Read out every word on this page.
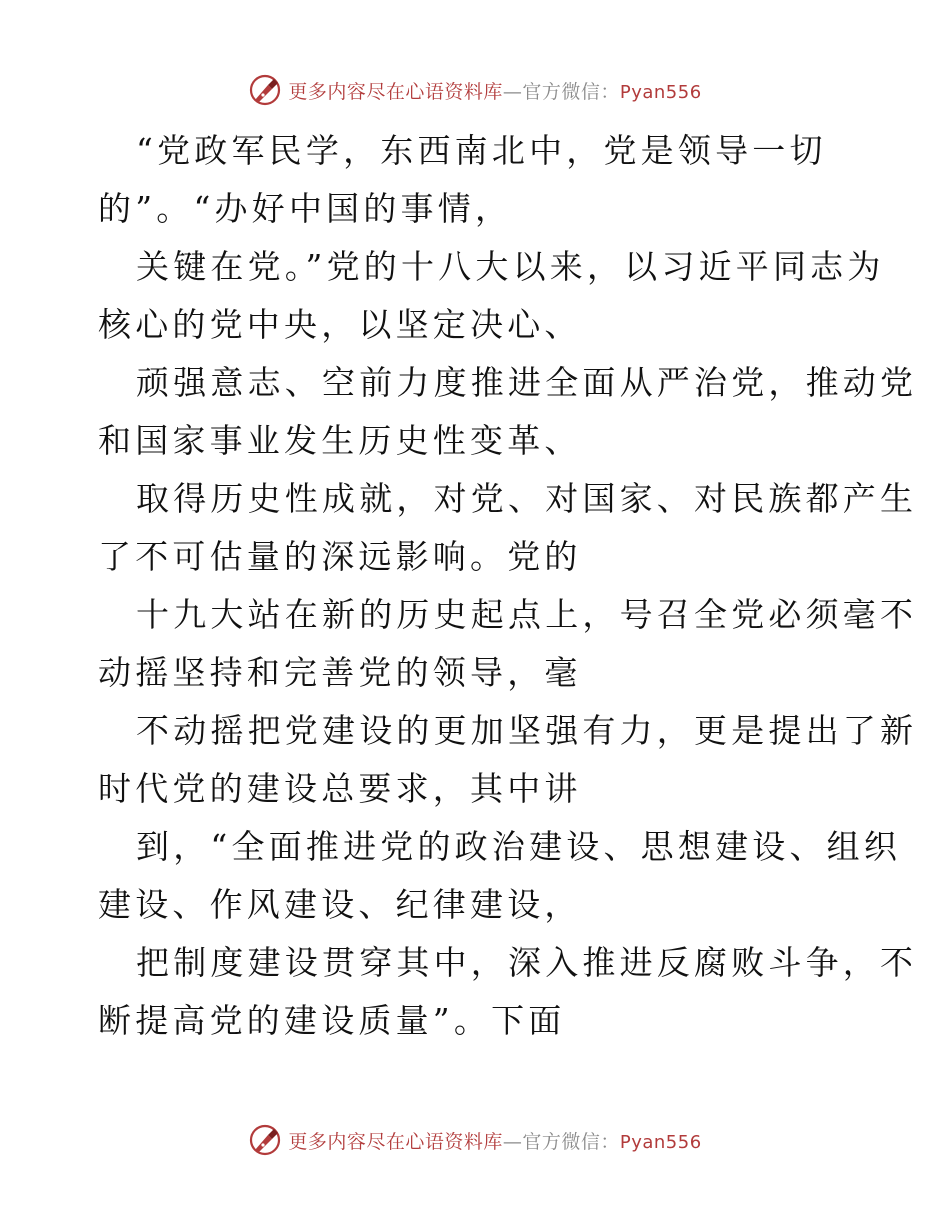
更多内容尽在心语资料库—官方微信：Pyan556
“党政军民学，东西南北中，党是领导一切
的”。“办好中国的事情，
关键在党。”党的十八大以来，以习近平同志为
核心的党中央，以坚定决心、
顽强意志、空前力度推进全面从严治党，推动党
和国家事业发生历史性变革、
取得历史性成就，对党、对国家、对民族都产生
了不可估量的深远影响。党的
十九大站在新的历史起点上，号召全党必须毫不
动摇坚持和完善党的领导，毫
不动摇把党建设的更加坚强有力，更是提出了新
时代党的建设总要求，其中讲
到，“全面推进党的政治建设、思想建设、组织
建设、作风建设、纪律建设，
把制度建设贯穿其中，深入推进反腐败斗争，不
断提高党的建设质量”。下面
更多内容尽在心语资料库—官方微信：Pyan556
